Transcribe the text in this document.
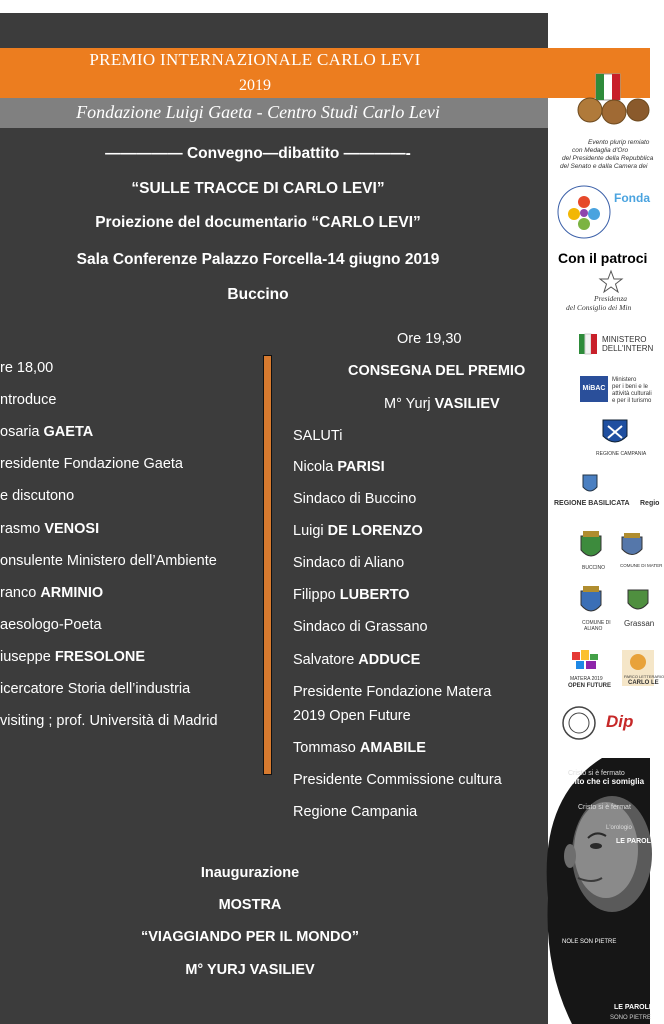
PREMIO INTERNAZIONALE CARLO LEVI
2019
Fondazione Luigi Gaeta - Centro Studi Carlo Levi
————— Convegno—dibattito ————-
“SULLE TRACCE DI CARLO LEVI”
Proiezione del documentario “CARLO LEVI”
Sala Conferenze Palazzo Forcella-14 giugno 2019
Buccino
re 18,00
ntroduce
osaria GAETA
residente Fondazione Gaeta
e discutono
rasmo VENOSI
onsulente Ministero dell’Ambiente
ranco ARMINIO
aesologo-Poeta
iuseppe FRESOLONE
icercatore Storia dell’industria
visiting ; prof. Università di Madrid
Ore 19,30
CONSEGNA DEL PREMIO
M° Yurj VASILIEV
SALUTi
Nicola PARISI
Sindaco di Buccino
Luigi DE LORENZO
Sindaco di Aliano
Filippo LUBERTO
Sindaco di Grassano
Salvatore ADDUCE
Presidente Fondazione Matera
2019 Open Future
Tommaso AMABILE
Presidente Commissione cultura
Regione Campania
Inaugurazione
MOSTRA
“VIAGGIANDO PER IL MONDO”
M° YURJ VASILIEV
Evento plurip remiato
con Medaglia d'Oro
del Presidente della Repubblica
del Senato e dalla Camera dei
Fonda
Con il patroci
Presidenza
del Consiglio dei Min
MINISTERO
DELL'INTERN
MiBAC
Ministero
per i beni e le
attività culturali
e per il turismo
REGIONE CAMPANIA
REGIONE BASILICATA Regio
BUCCINO	COMUNE DI MATER
COMUNE DI
ALIANO
Grassan
MATERA 2019
OPEN FUTURE
PARCO LETTERARIO
CARLO LE
Dip
Cristo si è fermato
io volto che ci somiglia
Cristo si è fermat
L'orologio
LE PAROLE
NOLE SON PIETRE
LE PAROLE
SONO PIETRE
